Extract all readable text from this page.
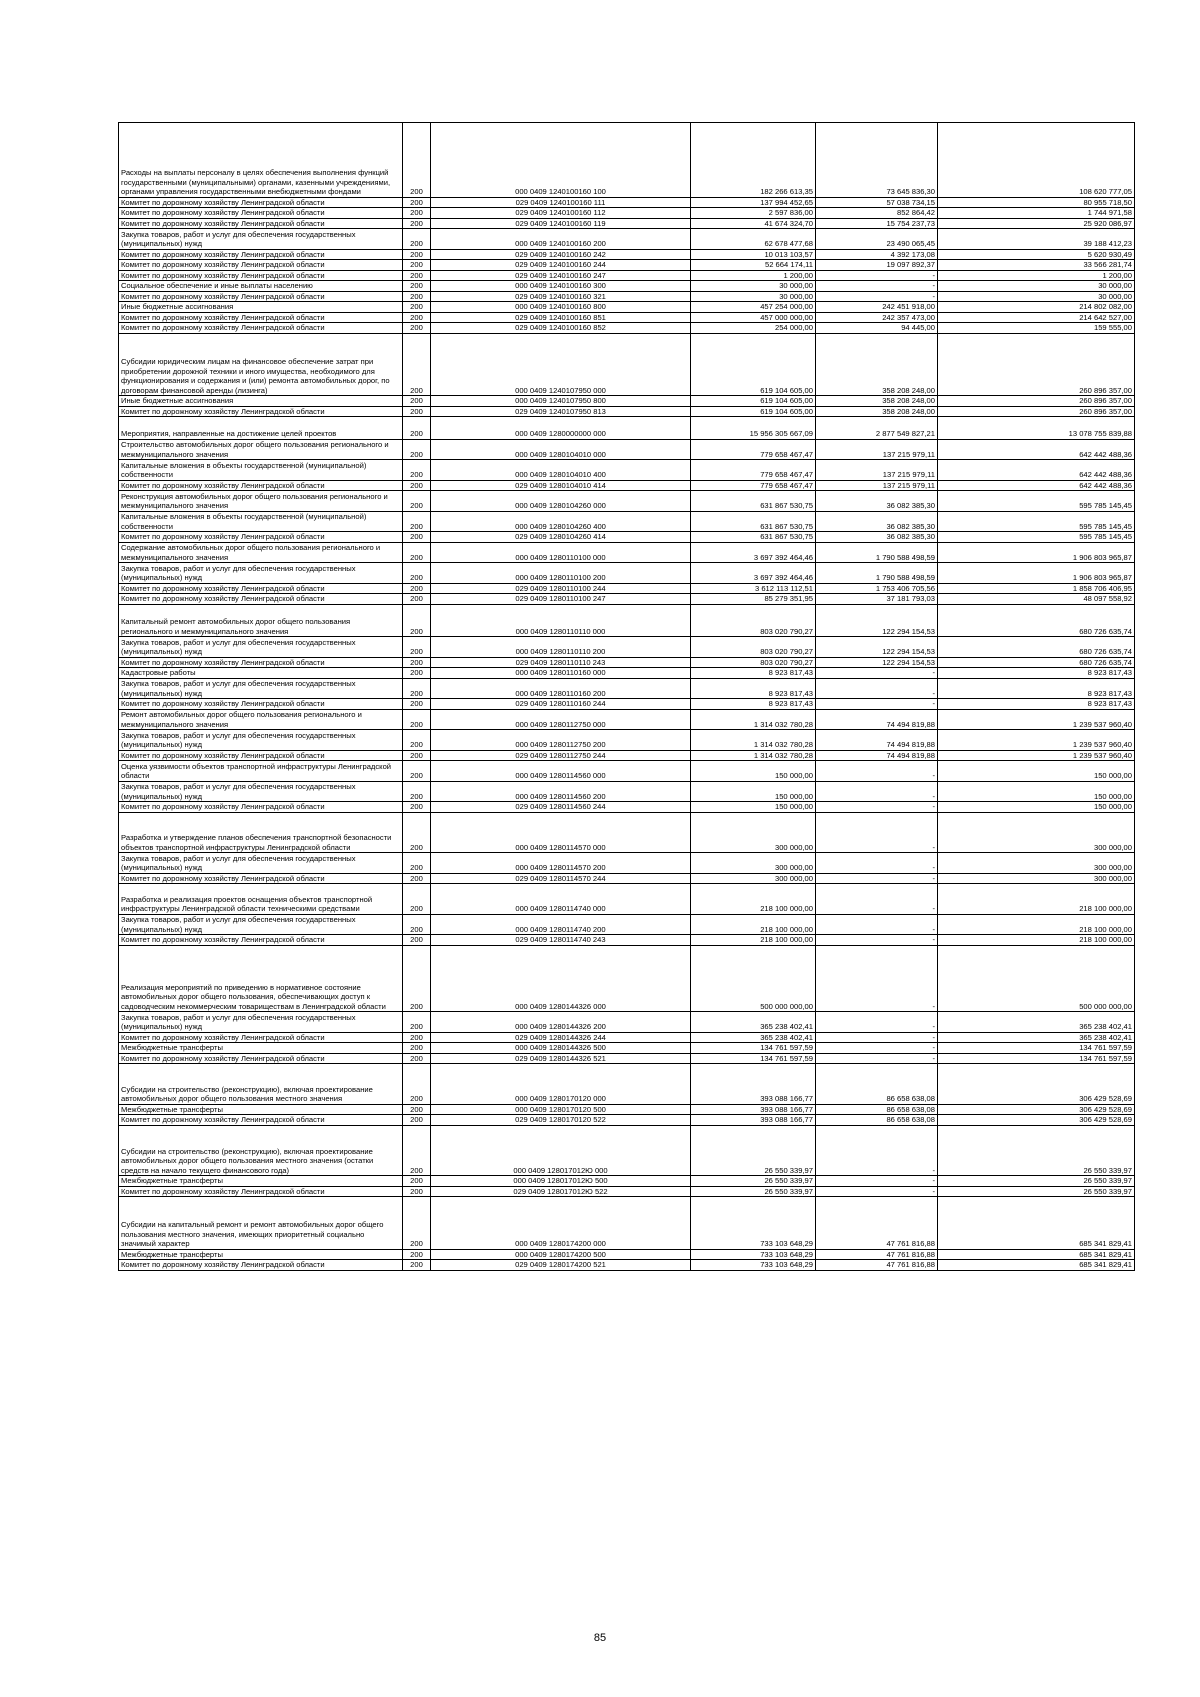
Расходы на выплаты персоналу в целях обеспечения выполнения функций государственными (муниципальными) органами, казенными учреждениями, органами управления государственными внебюджетными фондами	200	000 0409 1240100160 100	182 266 613,35	73 645 836,30	108 620 777,05
Комитет по дорожному хозяйству Ленинградской области	200	029 0409 1240100160 111	137 994 452,65	57 038 734,15	80 955 718,50
Комитет по дорожному хозяйству Ленинградской области	200	029 0409 1240100160 112	2 597 836,00	852 864,42	1 744 971,58
Комитет по дорожному хозяйству Ленинградской области	200	029 0409 1240100160 119	41 674 324,70	15 754 237,73	25 920 086,97
Закупка товаров, работ и услуг для обеспечения государственных (муниципальных) нужд	200	000 0409 1240100160 200	62 678 477,68	23 490 065,45	39 188 412,23
Комитет по дорожному хозяйству Ленинградской области	200	029 0409 1240100160 242	10 013 103,57	4 392 173,08	5 620 930,49
Комитет по дорожному хозяйству Ленинградской области	200	029 0409 1240100160 244	52 664 174,11	19 097 892,37	33 566 281,74
Комитет по дорожному хозяйству Ленинградской области	200	029 0409 1240100160 247	1 200,00	-	1 200,00
Социальное обеспечение и иные выплаты населению	200	000 0409 1240100160 300	30 000,00	-	30 000,00
Комитет по дорожному хозяйству Ленинградской области	200	029 0409 1240100160 321	30 000,00	-	30 000,00
Иные бюджетные ассигнования	200	000 0409 1240100160 800	457 254 000,00	242 451 918,00	214 802 082,00
Комитет по дорожному хозяйству Ленинградской области	200	029 0409 1240100160 851	457 000 000,00	242 357 473,00	214 642 527,00
Комитет по дорожному хозяйству Ленинградской области	200	029 0409 1240100160 852	254 000,00	94 445,00	159 555,00
Субсидии юридическим лицам на финансовое обеспечение затрат при приобретении дорожной техники и иного имущества, необходимого для функционирования и содержания и (или) ремонта автомобильных дорог, по договорам финансовой аренды (лизинга)	200	000 0409 1240107950 000	619 104 605,00	358 208 248,00	260 896 357,00
Иные бюджетные ассигнования	200	000 0409 1240107950 800	619 104 605,00	358 208 248,00	260 896 357,00
Комитет по дорожному хозяйству Ленинградской области	200	029 0409 1240107950 813	619 104 605,00	358 208 248,00	260 896 357,00
Мероприятия, направленные на достижение целей проектов	200	000 0409 1280000000 000	15 956 305 667,09	2 877 549 827,21	13 078 755 839,88
Строительство автомобильных дорог общего пользования регионального и межмуниципального значения	200	000 0409 1280104010 000	779 658 467,47	137 215 979,11	642 442 488,36
Капитальные вложения в объекты государственной (муниципальной) собственности	200	000 0409 1280104010 400	779 658 467,47	137 215 979,11	642 442 488,36
Комитет по дорожному хозяйству Ленинградской области	200	029 0409 1280104010 414	779 658 467,47	137 215 979,11	642 442 488,36
Реконструкция автомобильных дорог общего пользования регионального и межмуниципального значения	200	000 0409 1280104260 000	631 867 530,75	36 082 385,30	595 785 145,45
Капитальные вложения в объекты государственной (муниципальной) собственности	200	000 0409 1280104260 400	631 867 530,75	36 082 385,30	595 785 145,45
Комитет по дорожному хозяйству Ленинградской области	200	029 0409 1280104260 414	631 867 530,75	36 082 385,30	595 785 145,45
Содержание автомобильных дорог общего пользования регионального и межмуниципального значения	200	000 0409 1280110100 000	3 697 392 464,46	1 790 588 498,59	1 906 803 965,87
Закупка товаров, работ и услуг для обеспечения государственных (муниципальных) нужд	200	000 0409 1280110100 200	3 697 392 464,46	1 790 588 498,59	1 906 803 965,87
Комитет по дорожному хозяйству Ленинградской области	200	029 0409 1280110100 244	3 612 113 112,51	1 753 406 705,56	1 858 706 406,95
Комитет по дорожному хозяйству Ленинградской области	200	029 0409 1280110100 247	85 279 351,95	37 181 793,03	48 097 558,92
Капитальный ремонт автомобильных дорог общего пользования регионального и межмуниципального значения	200	000 0409 1280110110 000	803 020 790,27	122 294 154,53	680 726 635,74
Закупка товаров, работ и услуг для обеспечения государственных (муниципальных) нужд	200	000 0409 1280110110 200	803 020 790,27	122 294 154,53	680 726 635,74
Комитет по дорожному хозяйству Ленинградской области	200	029 0409 1280110110 243	803 020 790,27	122 294 154,53	680 726 635,74
Кадастровые работы	200	000 0409 1280110160 000	8 923 817,43	-	8 923 817,43
Закупка товаров, работ и услуг для обеспечения государственных (муниципальных) нужд	200	000 0409 1280110160 200	8 923 817,43	-	8 923 817,43
Комитет по дорожному хозяйству Ленинградской области	200	029 0409 1280110160 244	8 923 817,43	-	8 923 817,43
Ремонт автомобильных дорог общего пользования регионального и межмуниципального значения	200	000 0409 1280112750 000	1 314 032 780,28	74 494 819,88	1 239 537 960,40
Закупка товаров, работ и услуг для обеспечения государственных (муниципальных) нужд	200	000 0409 1280112750 200	1 314 032 780,28	74 494 819,88	1 239 537 960,40
Комитет по дорожному хозяйству Ленинградской области	200	029 0409 1280112750 244	1 314 032 780,28	74 494 819,88	1 239 537 960,40
Оценка уязвимости объектов транспортной инфраструктуры Ленинградской области	200	000 0409 1280114560 000	150 000,00	-	150 000,00
Закупка товаров, работ и услуг для обеспечения государственных (муниципальных) нужд	200	000 0409 1280114560 200	150 000,00	-	150 000,00
Комитет по дорожному хозяйству Ленинградской области	200	029 0409 1280114560 244	150 000,00	-	150 000,00
Разработка и утверждение планов обеспечения транспортной безопасности объектов транспортной инфраструктуры Ленинградской области	200	000 0409 1280114570 000	300 000,00	-	300 000,00
Закупка товаров, работ и услуг для обеспечения государственных (муниципальных) нужд	200	000 0409 1280114570 200	300 000,00	-	300 000,00
Комитет по дорожному хозяйству Ленинградской области	200	029 0409 1280114570 244	300 000,00	-	300 000,00
Разработка и реализация проектов оснащения объектов транспортной инфраструктуры Ленинградской области техническими средствами	200	000 0409 1280114740 000	218 100 000,00	-	218 100 000,00
Закупка товаров, работ и услуг для обеспечения государственных (муниципальных) нужд	200	000 0409 1280114740 200	218 100 000,00	-	218 100 000,00
Комитет по дорожному хозяйству Ленинградской области	200	029 0409 1280114740 243	218 100 000,00	-	218 100 000,00
Реализация мероприятий по приведению в нормативное состояние автомобильных дорог общего пользования, обеспечивающих доступ к садоводческим некоммерческим товариществам в Ленинградской области	200	000 0409 1280144326 000	500 000 000,00	-	500 000 000,00
Закупка товаров, работ и услуг для обеспечения государственных (муниципальных) нужд	200	000 0409 1280144326 200	365 238 402,41	-	365 238 402,41
Комитет по дорожному хозяйству Ленинградской области	200	029 0409 1280144326 244	365 238 402,41	-	365 238 402,41
Межбюджетные трансферты	200	000 0409 1280144326 500	134 761 597,59	-	134 761 597,59
Комитет по дорожному хозяйству Ленинградской области	200	029 0409 1280144326 521	134 761 597,59	-	134 761 597,59
Субсидии на строительство (реконструкцию), включая проектирование автомобильных дорог общего пользования местного значения	200	000 0409 1280170120 000	393 088 166,77	86 658 638,08	306 429 528,69
Межбюджетные трансферты	200	000 0409 1280170120 500	393 088 166,77	86 658 638,08	306 429 528,69
Комитет по дорожному хозяйству Ленинградской области	200	029 0409 1280170120 522	393 088 166,77	86 658 638,08	306 429 528,69
Субсидии на строительство (реконструкцию), включая проектирование автомобильных дорог общего пользования местного значения (остатки средств на начало текущего финансового года)	200	000 0409 128017012Ю 000	26 550 339,97	-	26 550 339,97
Межбюджетные трансферты	200	000 0409 128017012Ю 500	26 550 339,97	-	26 550 339,97
Комитет по дорожному хозяйству Ленинградской области	200	029 0409 128017012Ю 522	26 550 339,97	-	26 550 339,97
Субсидии на капитальный ремонт и ремонт автомобильных дорог общего пользования местного значения, имеющих приоритетный социально значимый характер	200	000 0409 1280174200 000	733 103 648,29	47 761 816,88	685 341 829,41
Межбюджетные трансферты	200	000 0409 1280174200 500	733 103 648,29	47 761 816,88	685 341 829,41
Комитет по дорожному хозяйству Ленинградской области	200	029 0409 1280174200 521	733 103 648,29	47 761 816,88	685 341 829,41
85
